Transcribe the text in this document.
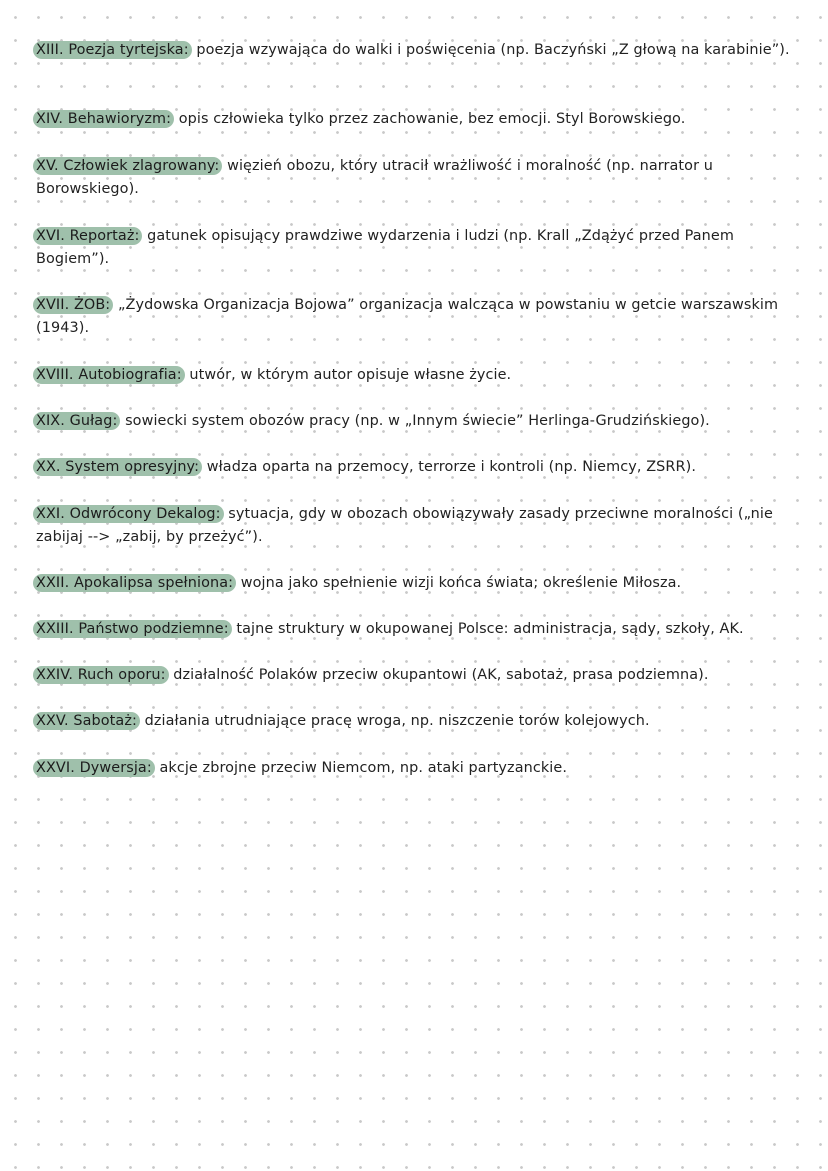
XIII. Poezja tyrtejska: poezja wzywająca do walki i poświęcenia (np. Baczyński „Z głową na karabinie”).
XIV. Behawioryzm: opis człowieka tylko przez zachowanie, bez emocji. Styl Borowskiego.
XV. Człowiek zlagrowany: więzień obozu, który utracił wrażliwość i moralność (np. narrator u Borowskiego).
XVI. Reportaż: gatunek opisujący prawdziwe wydarzenia i ludzi (np. Krall „Zdążyć przed Panem Bogiem”).
XVII. ŻOB: „Żydowska Organizacja Bojowa” organizacja walcząca w powstaniu w getcie warszawskim (1943).
XVIII. Autobiografia: utwór, w którym autor opisuje własne życie.
XIX. Gułag: sowiecki system obozów pracy (np. w „Innym świecie” Herlinga-Grudzińskiego).
XX. System opresyjny: władza oparta na przemocy, terrorze i kontroli (np. Niemcy, ZSRR).
XXI. Odwrócony Dekalog: sytuacja, gdy w obozach obowiązywały zasady przeciwne moralności („nie zabijaj --> „zabij, by przeżyć”).
XXII. Apokalipsa spełniona: wojna jako spełnienie wizji końca świata; określenie Miłosza.
XXIII. Państwo podziemne: tajne struktury w okupowanej Polsce: administracja, sądy, szkoły, AK.
XXIV. Ruch oporu: działalność Polaków przeciw okupantowi (AK, sabotaż, prasa podziemna).
XXV. Sabotaż: działania utrudniające pracę wroga, np. niszczenie torów kolejowych.
XXVI. Dywersja: akcje zbrojne przeciw Niemcom, np. ataki partyzanckie.
